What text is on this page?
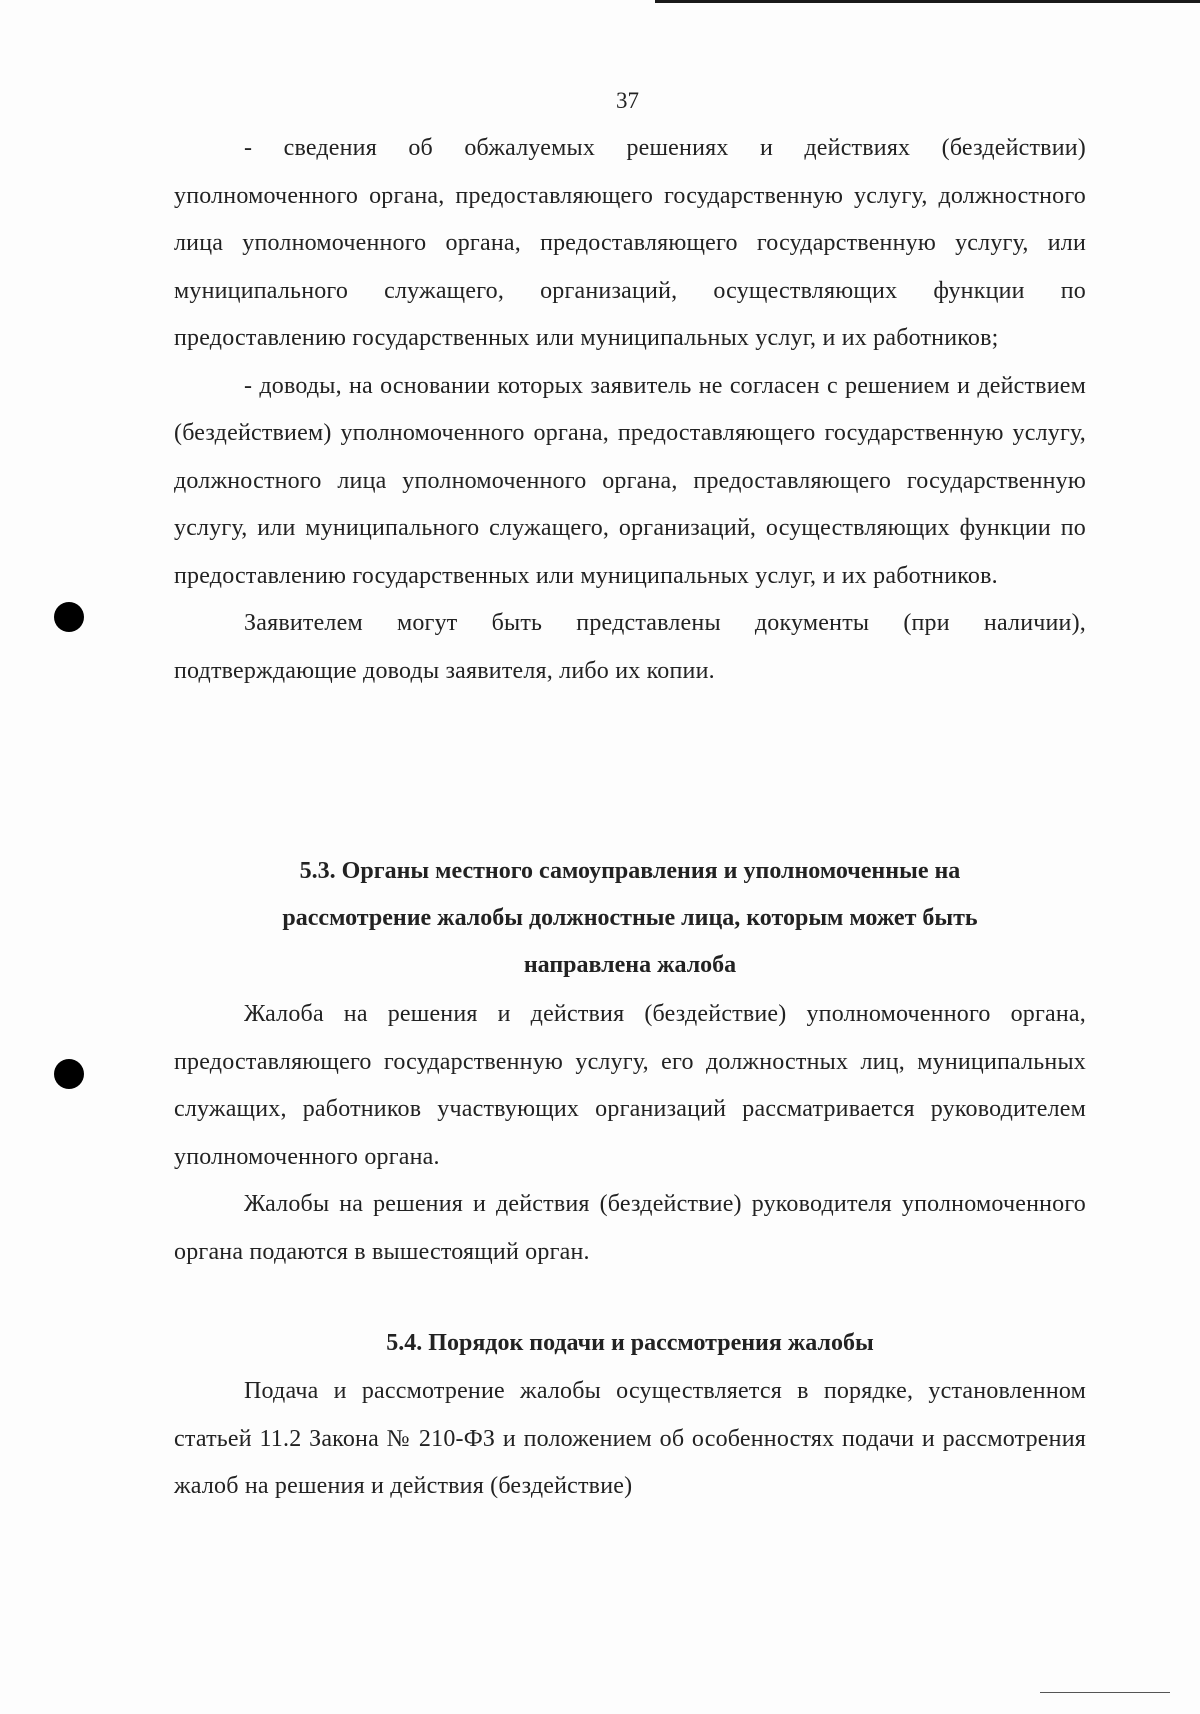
37

- сведения об обжалуемых решениях и действиях (бездействии) уполномоченного органа, предоставляющего государственную услугу, должностного лица уполномоченного органа, предоставляющего государственную услугу, или муниципального служащего, организаций, осуществляющих функции по предоставлению государственных или муниципальных услуг, и их работников;

- доводы, на основании которых заявитель не согласен с решением и действием (бездействием) уполномоченного органа, предоставляющего государственную услугу, должностного лица уполномоченного органа, предоставляющего государственную услугу, или муниципального служащего, организаций, осуществляющих функции по предоставлению государственных или муниципальных услуг, и их работников.

Заявителем могут быть представлены документы (при наличии), подтверждающие доводы заявителя, либо их копии.

5.3. Органы местного самоуправления и уполномоченные на рассмотрение жалобы должностные лица, которым может быть направлена жалоба

Жалоба на решения и действия (бездействие) уполномоченного органа, предоставляющего государственную услугу, его должностных лиц, муниципальных служащих, работников участвующих организаций рассматривается руководителем уполномоченного органа.

Жалобы на решения и действия (бездействие) руководителя уполномоченного органа подаются в вышестоящий орган.

5.4. Порядок подачи и рассмотрения жалобы

Подача и рассмотрение жалобы осуществляется в порядке, установленном статьей 11.2 Закона № 210-ФЗ и положением об особенностях подачи и рассмотрения жалоб на решения и действия (бездействие)
